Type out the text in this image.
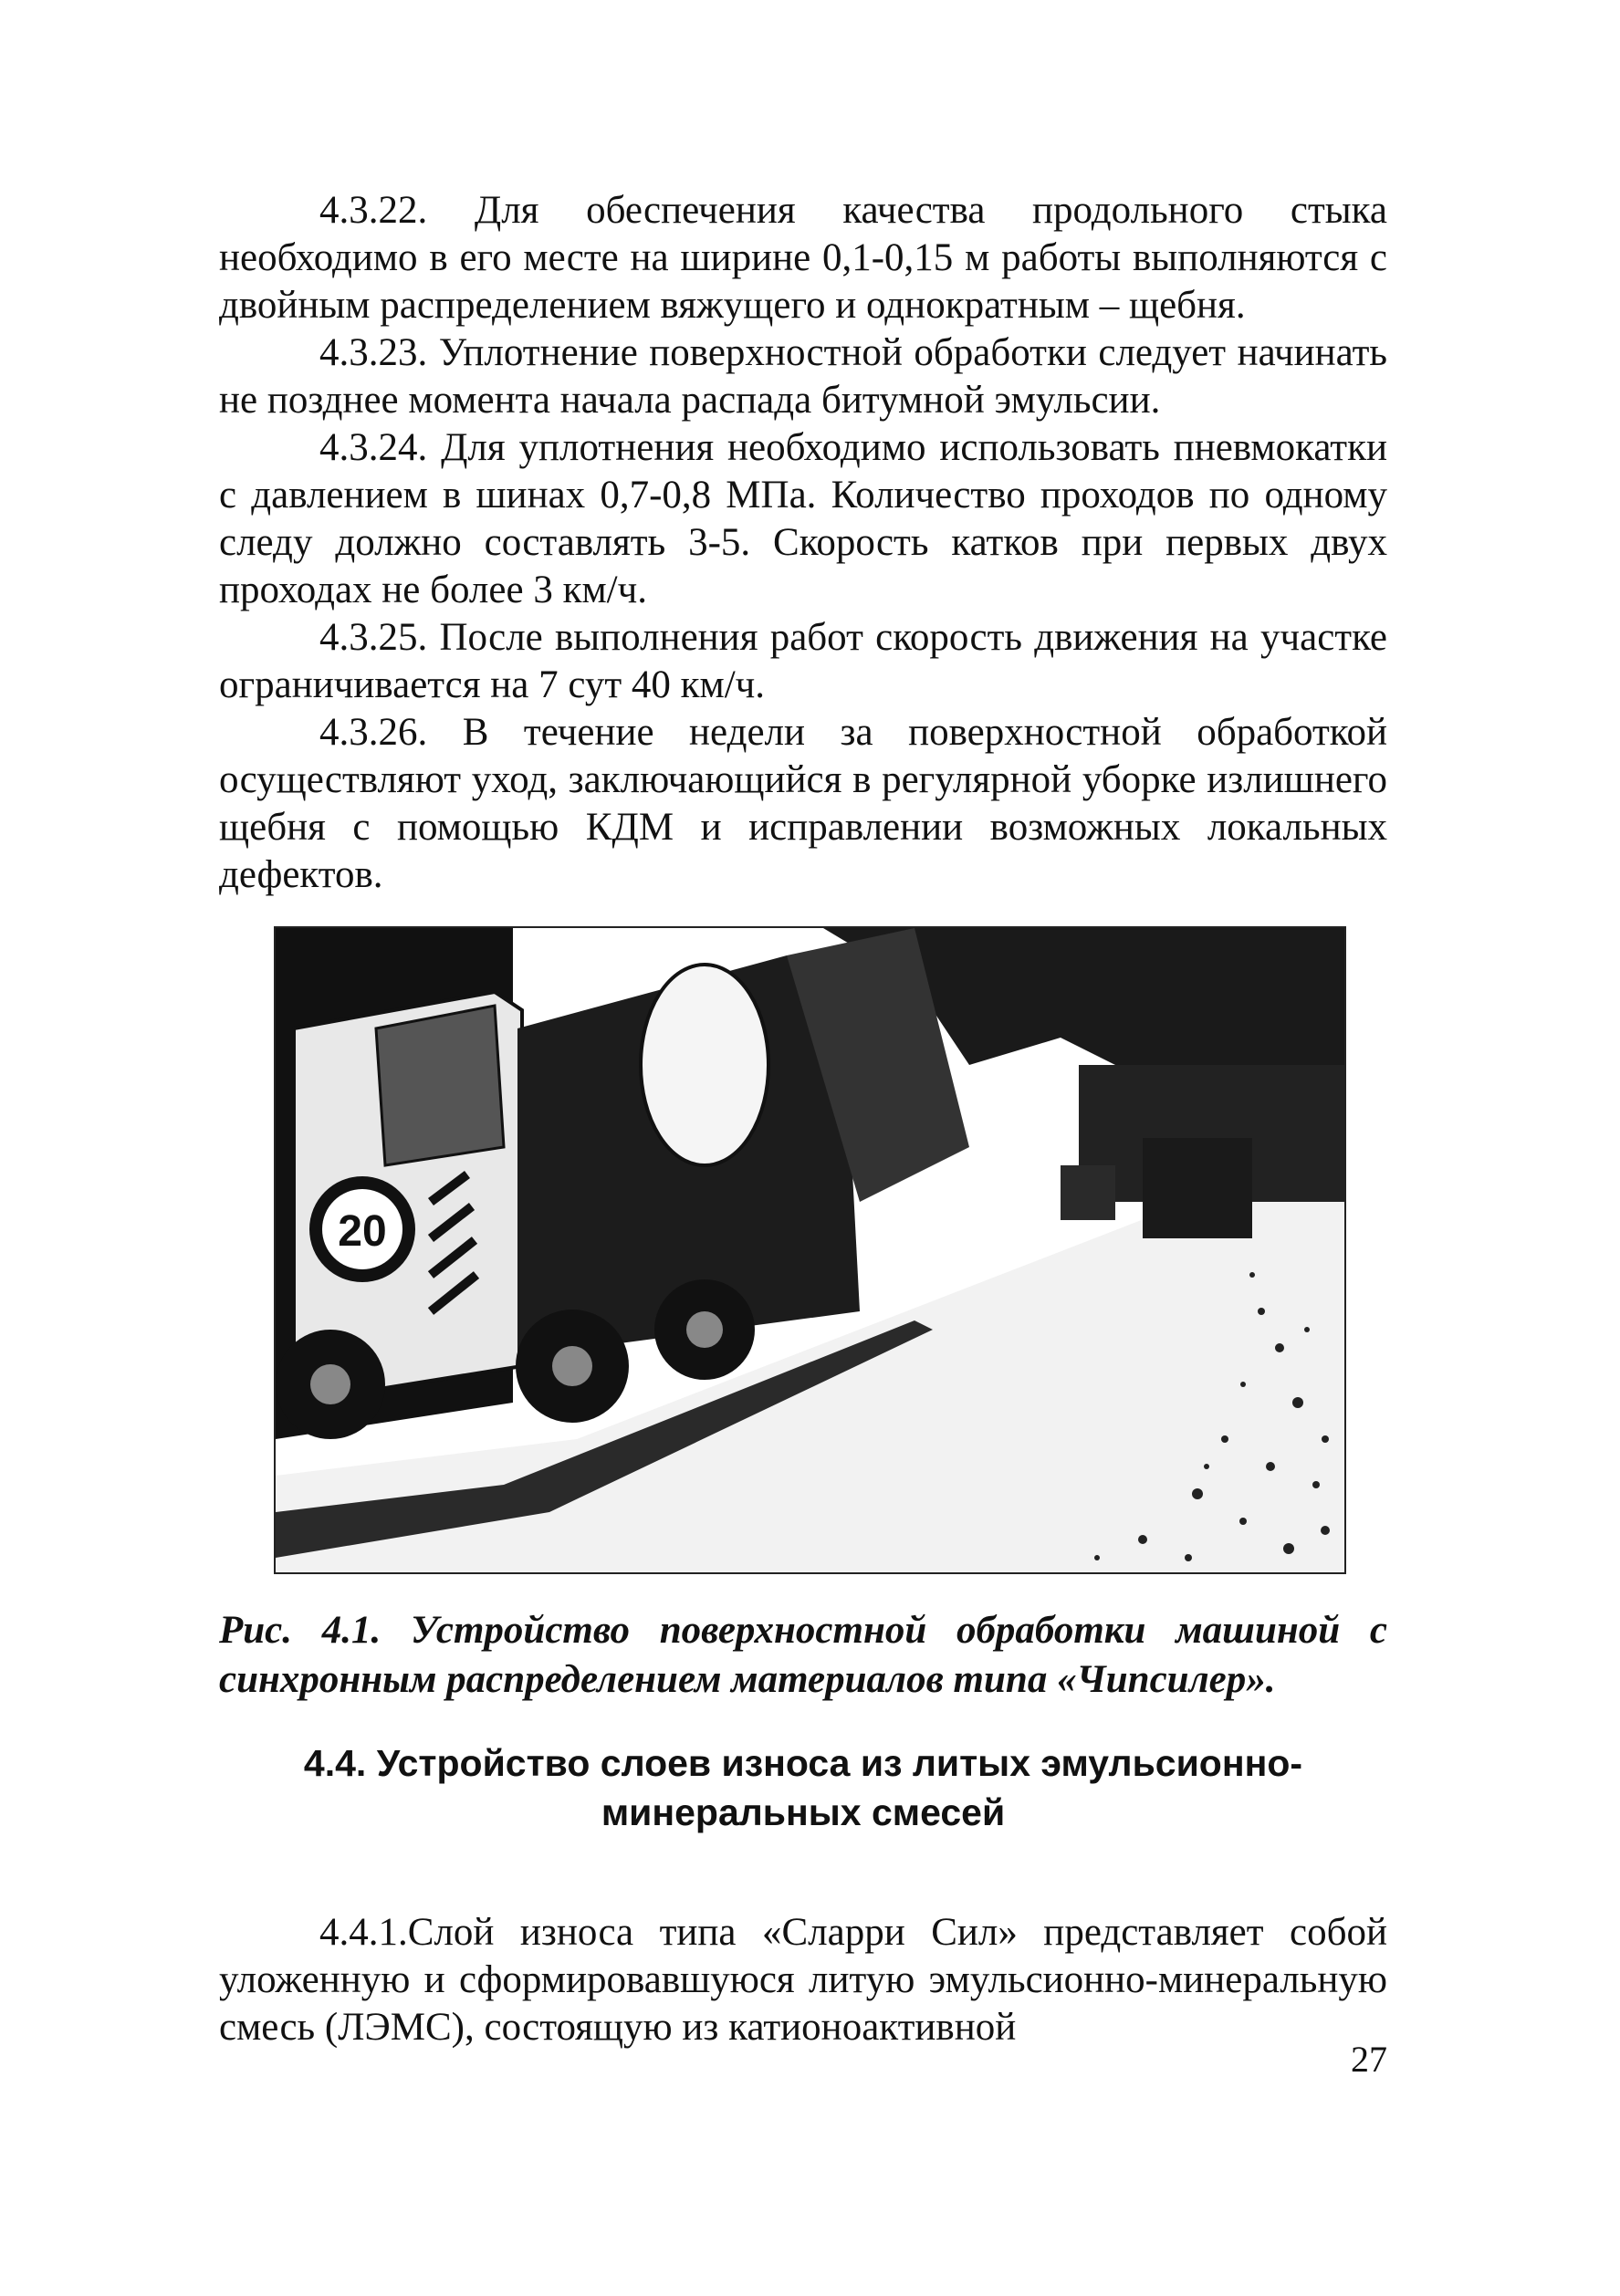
4.3.22. Для обеспечения качества продольного стыка необходимо в его месте на ширине 0,1-0,15 м работы выполняются с двойным распределением вяжущего и однократным – щебня.

4.3.23. Уплотнение поверхностной обработки следует начинать не позднее момента начала распада битумной эмульсии.

4.3.24. Для уплотнения необходимо использовать пневмокатки с давлением в шинах 0,7-0,8 МПа. Количество проходов по одному следу должно составлять 3-5. Скорость катков при первых двух проходах не более 3 км/ч.

4.3.25. После выполнения работ скорость движения на участке ограничивается на 7 сут 40 км/ч.

4.3.26. В течение недели за поверхностной обработкой осуществляют уход, заключающийся в регулярной уборке излишнего щебня с помощью КДМ и исправлении возможных локальных дефектов.

20

Рис. 4.1. Устройство поверхностной обработки машиной с синхронным распределением материалов типа «Чипсилер».

4.4. Устройство слоев износа из литых эмульсионно-
минеральных смесей

4.4.1.Слой износа типа «Сларри Сил» представляет собой уложенную и сформировавшуюся литую эмульсионно-минеральную смесь (ЛЭМС), состоящую из катионоактивной

27
